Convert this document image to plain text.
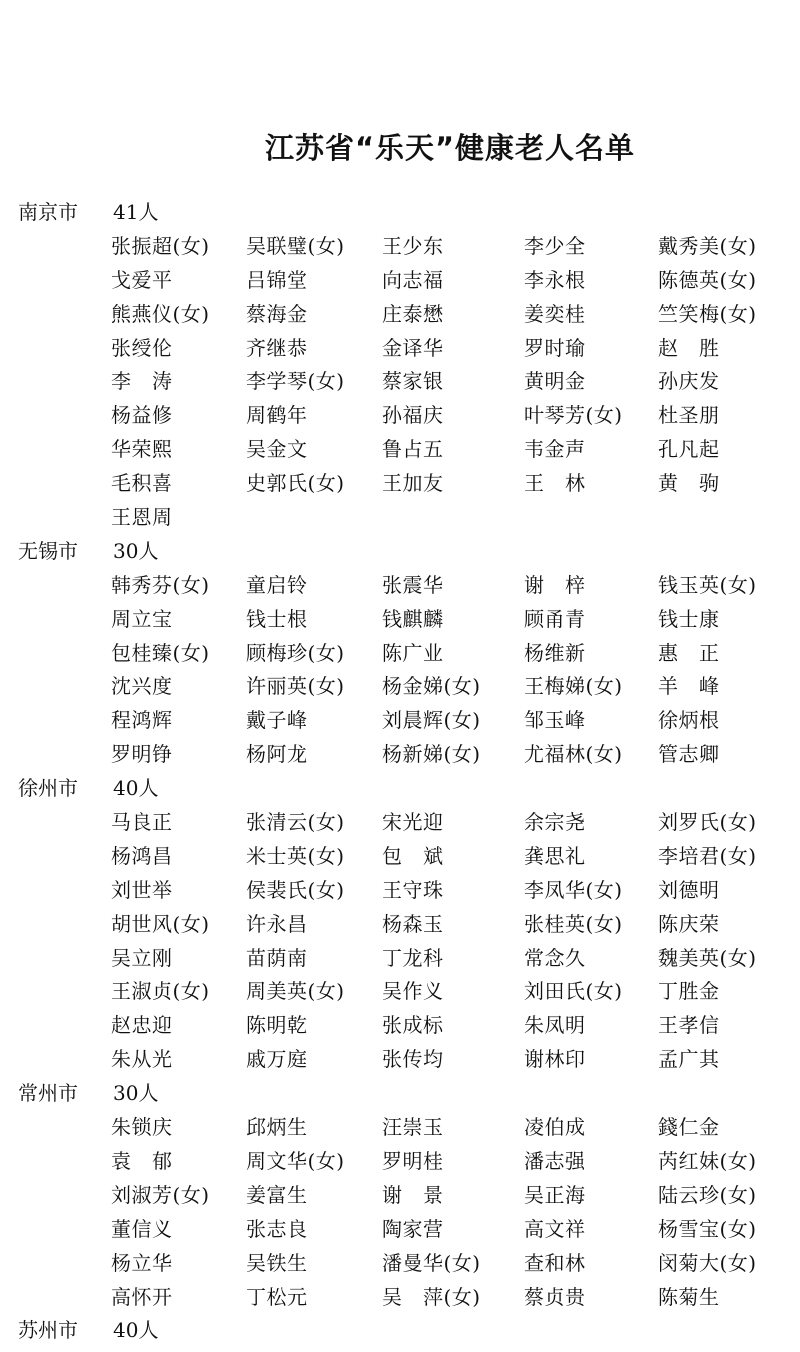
江苏省“乐天”健康老人名单
南京市 41人
张振超(女)	吴联璧(女)	王少东	李少全	戴秀美(女)
戈爱平	吕锦堂	向志福	李永根	陈德英(女)
熊燕仪(女)	蔡海金	庄泰懋	姜奕桂	竺笑梅(女)
张绶伦	齐继恭	金译华	罗时瑜	赵　胜
李　涛	李学琴(女)	蔡家银	黄明金	孙庆发
杨益修	周鹤年	孙福庆	叶琴芳(女)	杜圣朋
华荣熙	吴金文	鲁占五	韦金声	孔凡起
毛积喜	史郭氏(女)	王加友	王　林	黄　驹
王恩周
无锡市 30人
韩秀芬(女)	童启铃	张震华	谢　梓	钱玉英(女)
周立宝	钱士根	钱麒麟	顾甬青	钱士康
包桂臻(女)	顾梅珍(女)	陈广业	杨维新	惠　正
沈兴度	许丽英(女)	杨金娣(女)	王梅娣(女)	羊　峰
程鸿辉	戴子峰	刘晨辉(女)	邹玉峰	徐炳根
罗明铮	杨阿龙	杨新娣(女)	尤福林(女)	管志卿
徐州市 40人
马良正	张清云(女)	宋光迎	余宗尧	刘罗氏(女)
杨鸿昌	米士英(女)	包　斌	龚思礼	李培君(女)
刘世举	侯裴氏(女)	王守珠	李凤华(女)	刘德明
胡世风(女)	许永昌	杨森玉	张桂英(女)	陈庆荣
吴立刚	苗荫南	丁龙科	常念久	魏美英(女)
王淑贞(女)	周美英(女)	吴作义	刘田氏(女)	丁胜金
赵忠迎	陈明乾	张成标	朱凤明	王孝信
朱从光	戚万庭	张传均	谢林印	孟广其
常州市 30人
朱锁庆	邱炳生	汪崇玉	凌伯成	錢仁金
袁　郁	周文华(女)	罗明桂	潘志强	芮红妹(女)
刘淑芳(女)	姜富生	谢　景	吴正海	陆云珍(女)
董信义	张志良	陶家营	高文祥	杨雪宝(女)
杨立华	吴铁生	潘曼华(女)	查和林	闵菊大(女)
高怀开	丁松元	吴　萍(女)	蔡贞贵	陈菊生
苏州市 40人
